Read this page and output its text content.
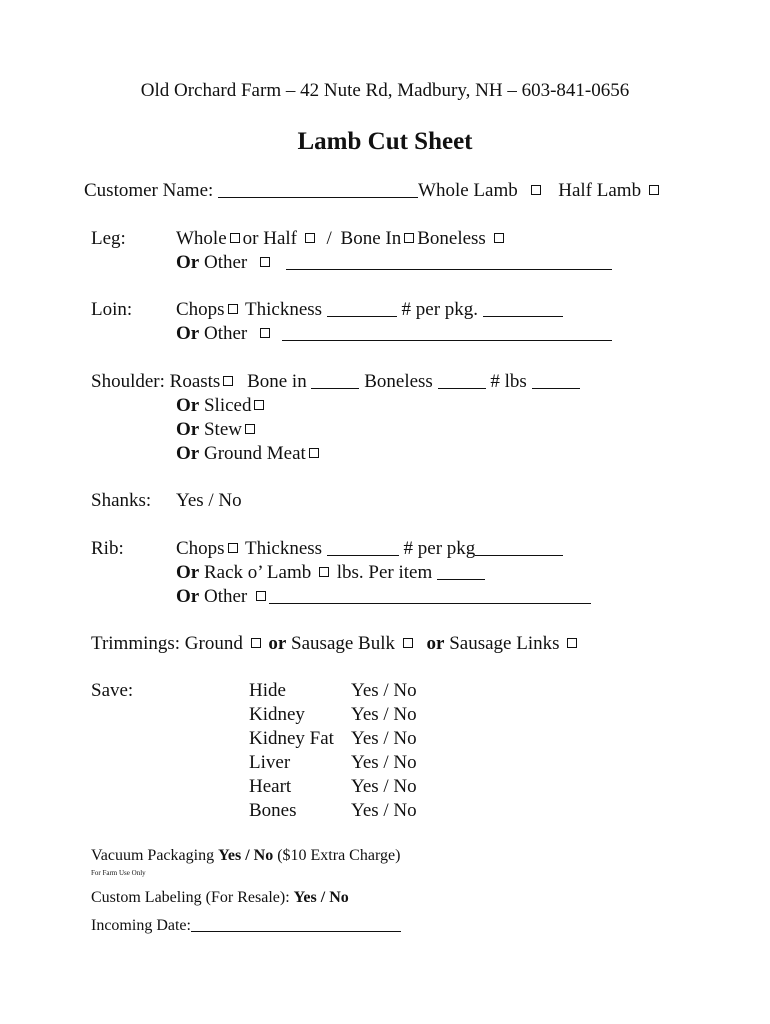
Old Orchard Farm – 42 Nute Rd, Madbury, NH – 603-841-0656
Lamb Cut Sheet
Customer Name:	Whole Lamb Half Lamb
Leg:	Whole or Half / Bone In Boneless
Or Other
Loin: Chops Thickness	# per pkg.
Or Other
Shoulder: Roasts Bone in	Boneless	# lbs
Or Sliced
Or Stew
Or Ground Meat
Shanks: Yes / No
Rib:	Chops Thickness	# per pkg
Or Rack o’ Lamb lbs. Per item
Or Other
Trimmings: Ground or Sausage Bulk or Sausage Links
Save:	Hide	Yes / No
Kidney Yes / No
Kidney Fat Yes / No
Liver	Yes / No
Heart	Yes / No
Bones	Yes / No
Vacuum Packaging Yes / No ($10 Extra Charge)
For Farm Use Only
Custom Labeling (For Resale): Yes / No
Incoming Date:
